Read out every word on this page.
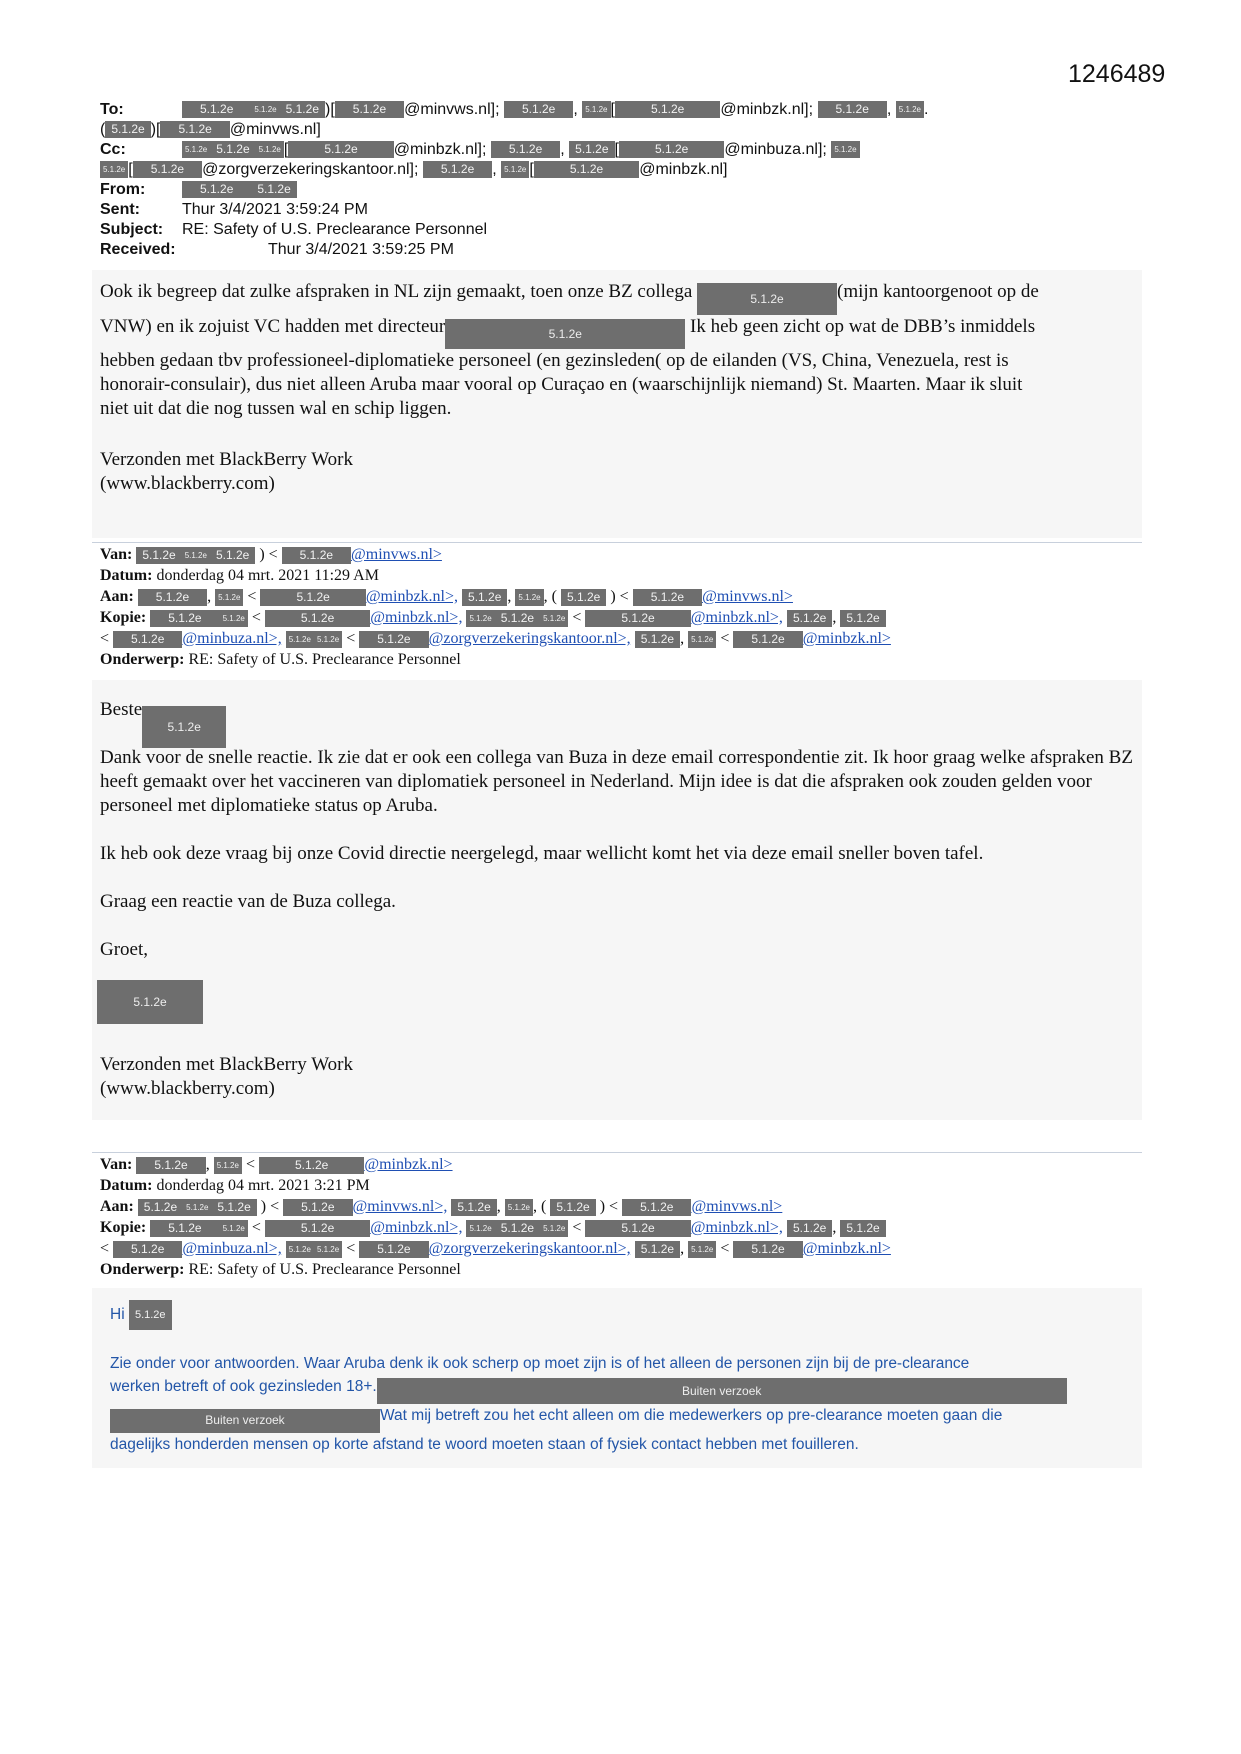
1246489
To:	5.1.2e	5.1.2e 5.1.2e )[ 5.1.2e @minvws.nl]; 5.1.2e , 5.1.2e [	5.1.2e @minbzk.nl]; 5.1.2e , 5.1.2e .
( 5.1.2e )[ 5.1.2e @minvws.nl]
Cc:	5.1.2e 5.1.2e 5.1.2e [	5.1.2e @minbzk.nl]; 5.1.2e , 5.1.2e [	5.1.2e @minbuza.nl]; 5.1.2e
5.1.2e [ 5.1.2e @zorgverzekeringskantoor.nl]; 5.1.2e , 5.1.2e [	5.1.2e @minbzk.nl]
From:	5.1.2e 5.1.2e
Sent:	Thur 3/4/2021 3:59:24 PM
Subject: RE: Safety of U.S. Preclearance Personnel
Received:	Thur 3/4/2021 3:59:25 PM

Ook ik begreep dat zulke afspraken in NL zijn gemaakt, toen onze BZ collega	5.1.2e	(mijn kantoorgenoot op de

VNW) en ik zojuist VC hadden met directeur	5.1.2e	Ik heb geen zicht op wat de DBB’s inmiddels

hebben gedaan tbv professioneel-diplomatieke personeel (en gezinsleden( op de eilanden (VS, China, Venezuela, rest is

honorair-consulair), dus niet alleen Aruba maar vooral op Curaçao en (waarschijnlijk niemand) St. Maarten. Maar ik sluit

niet uit dat die nog tussen wal en schip liggen.

Verzonden met BlackBerry Work

(www.blackberry.com)

Van: 5.1.2e 5.1.2e 5.1.2e ) < 5.1.2e @minvws.nl>
Datum: donderdag 04 mrt. 2021 11:29 AM
Aan: 5.1.2e , 5.1.2e <	5.1.2e @minbzk.nl>, 5.1.2e , 5.1.2e , ( 5.1.2e ) < 5.1.2e @minvws.nl>
Kopie: 5.1.2e	5.1.2e <	5.1.2e @minbzk.nl>, 5.1.2e 5.1.2e 5.1.2e <	5.1.2e @minbzk.nl>, 5.1.2e , 5.1.2e
< 5.1.2e @minbuza.nl>, 5.1.2e 5.1.2e < 5.1.2e @zorgverzekeringskantoor.nl>, 5.1.2e , 5.1.2e < 5.1.2e @minbzk.nl>
Onderwerp: RE: Safety of U.S. Preclearance Personnel

Beste5.1.2e

Dank voor de snelle reactie. Ik zie dat er ook een collega van Buza in deze email correspondentie zit. Ik hoor graag welke afspraken BZ heeft gemaakt over het vaccineren van diplomatiek personeel in Nederland. Mijn idee is dat die afspraken ook zouden gelden voor personeel met diplomatieke status op Aruba.

Ik heb ook deze vraag bij onze Covid directie neergelegd, maar wellicht komt het via deze email sneller boven tafel.

Graag een reactie van de Buza collega.

Groet,

5.1.2e

Verzonden met BlackBerry Work

(www.blackberry.com)

Van: 5.1.2e , 5.1.2e <	5.1.2e @minbzk.nl>
Datum: donderdag 04 mrt. 2021 3:21 PM
Aan: 5.1.2e 5.1.2e 5.1.2e ) < 5.1.2e @minvws.nl>, 5.1.2e , 5.1.2e , ( 5.1.2e ) < 5.1.2e @minvws.nl>
Kopie: 5.1.2e	5.1.2e <	5.1.2e @minbzk.nl>, 5.1.2e 5.1.2e 5.1.2e <	5.1.2e @minbzk.nl>, 5.1.2e , 5.1.2e
< 5.1.2e @minbuza.nl>, 5.1.2e 5.1.2e < 5.1.2e @zorgverzekeringskantoor.nl>, 5.1.2e , 5.1.2e < 5.1.2e @minbzk.nl>
Onderwerp: RE: Safety of U.S. Preclearance Personnel
Hi 5.1.2e
Zie onder voor antwoorden. Waar Aruba denk ik ook scherp op moet zijn is of het alleen de personen zijn bij de pre-clearance
werken betreft of ook gezinsleden 18+.	Buiten verzoek
Buiten verzoek	Wat mij betreft zou het echt alleen om die medewerkers op pre-clearance moeten gaan die
dagelijks honderden mensen op korte afstand te woord moeten staan of fysiek contact hebben met fouilleren.
